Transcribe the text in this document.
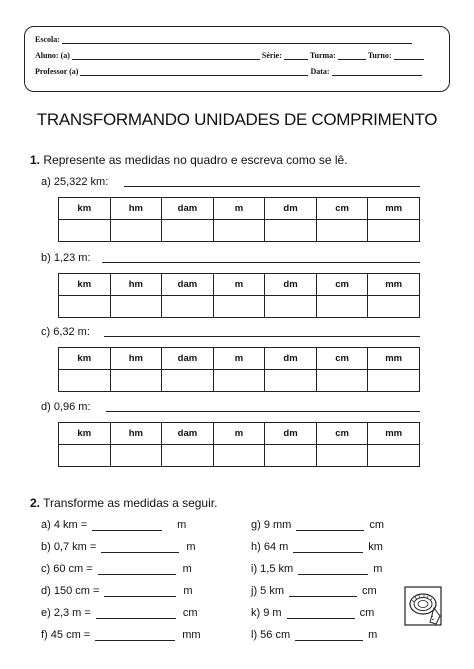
Escola:
Aluno: (a)	Série:	Turma:	Turno:
Professor (a)	Data:
TRANSFORMANDO UNIDADES DE COMPRIMENTO
1. Represente as medidas no quadro e escreva como se lê.
a) 25,322 km:
km	hm	dam	m	dm	cm	mm

b) 1,23 m:
km	hm	dam	m	dm	cm	mm

c) 6,32 m:
km	hm	dam	m	dm	cm	mm

d) 0,96 m:
km	hm	dam	m	dm	cm	mm

2. Transforme as medidas a seguir.
a) 4 km =	m
b) 0,7 km =	m
c) 60 cm =	m
d) 150 cm =	m
e) 2,3 m =	cm
f) 45 cm =	mm
g) 9 mm	cm
h) 64 m	km
i) 1,5 km	m
j) 5 km	cm
k) 9 m	cm
l) 56 cm	m
